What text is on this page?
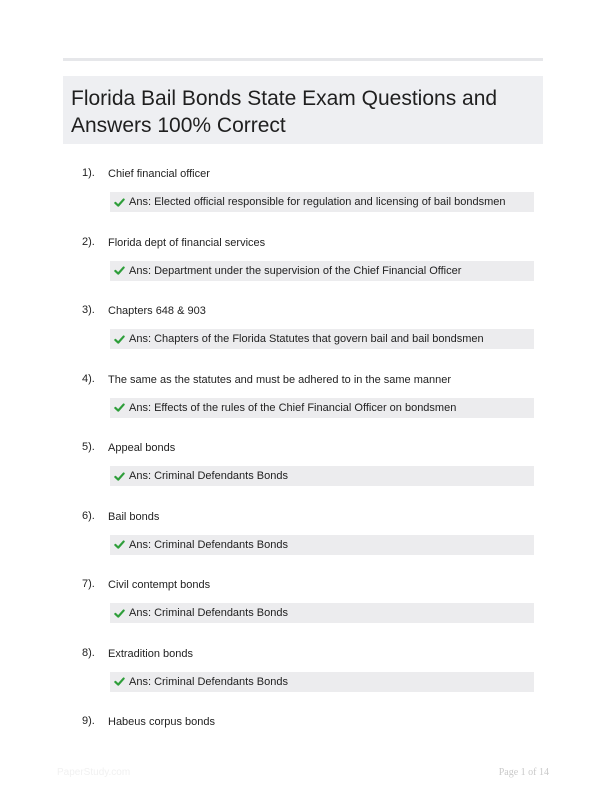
Florida Bail Bonds State Exam Questions and Answers 100% Correct
1). Chief financial officer
Ans: Elected official responsible for regulation and licensing of bail bondsmen
2). Florida dept of financial services
Ans: Department under the supervision of the Chief Financial Officer
3). Chapters 648 & 903
Ans: Chapters of the Florida Statutes that govern bail and bail bondsmen
4). The same as the statutes and must be adhered to in the same manner
Ans: Effects of the rules of the Chief Financial Officer on bondsmen
5). Appeal bonds
Ans: Criminal Defendants Bonds
6). Bail bonds
Ans: Criminal Defendants Bonds
7). Civil contempt bonds
Ans: Criminal Defendants Bonds
8). Extradition bonds
Ans: Criminal Defendants Bonds
9). Habeus corpus bonds
PaperStudy.com	Page 1 of 14
